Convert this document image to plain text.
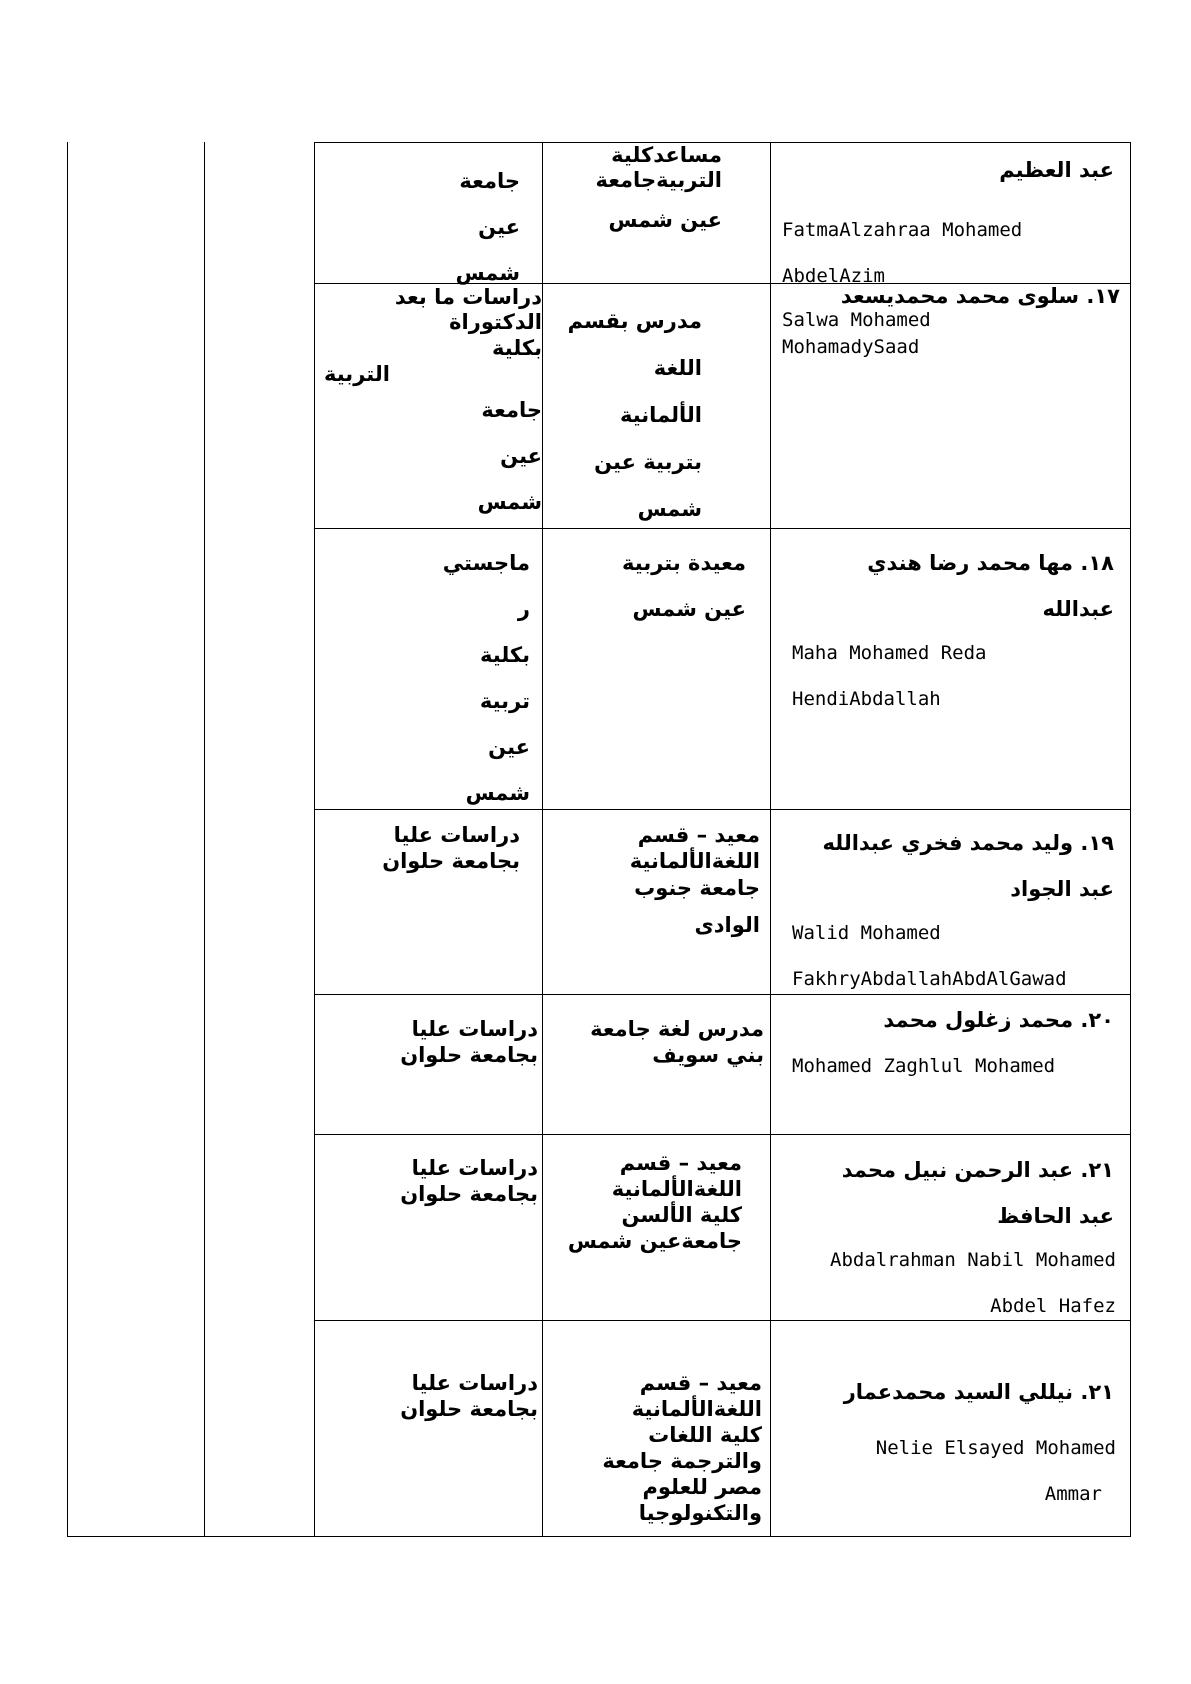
عبد العظيم
FatmaAlzahraa Mohamed
AbdelAzim
مساعدكلية
التربيةجامعة
عين شمس
جامعة
عين
شمس
١٧. سلوى محمد محمديسعد
Salwa Mohamed
MohamadySaad
مدرس بقسم
اللغة
الألمانية
بتربية عين
شمس
دراسات ما بعد
الدكتوراة
بكلية
التربية
جامعة
عين
شمس
١٨. مها محمد رضا هندي
عبدالله
Maha Mohamed Reda
HendiAbdallah
معيدة بتربية
عين شمس
ماجستي
ر
بكلية
تربية
عين
شمس
١٩. وليد محمد فخري عبدالله
عبد الجواد
Walid Mohamed
FakhryAbdallahAbdAlGawad
معيد – قسم
اللغةالألمانية
جامعة جنوب
الوادى
دراسات عليا
بجامعة حلوان
٢٠. محمد زغلول محمد
Mohamed Zaghlul Mohamed
مدرس لغة جامعة
بني سويف
دراسات عليا
بجامعة حلوان
٢١. عبد الرحمن نبيل محمد
عبد الحافظ
Abdalrahman Nabil Mohamed
Abdel Hafez
معيد – قسم
اللغةالألمانية
كلية الألسن
جامعةعين شمس
دراسات عليا
بجامعة حلوان
٢١. نيللي السيد محمدعمار
Nelie Elsayed Mohamed
Ammar
معيد – قسم
اللغةالألمانية
كلية اللغات
والترجمة جامعة
مصر للعلوم
والتكنولوجيا
دراسات عليا
بجامعة حلوان
